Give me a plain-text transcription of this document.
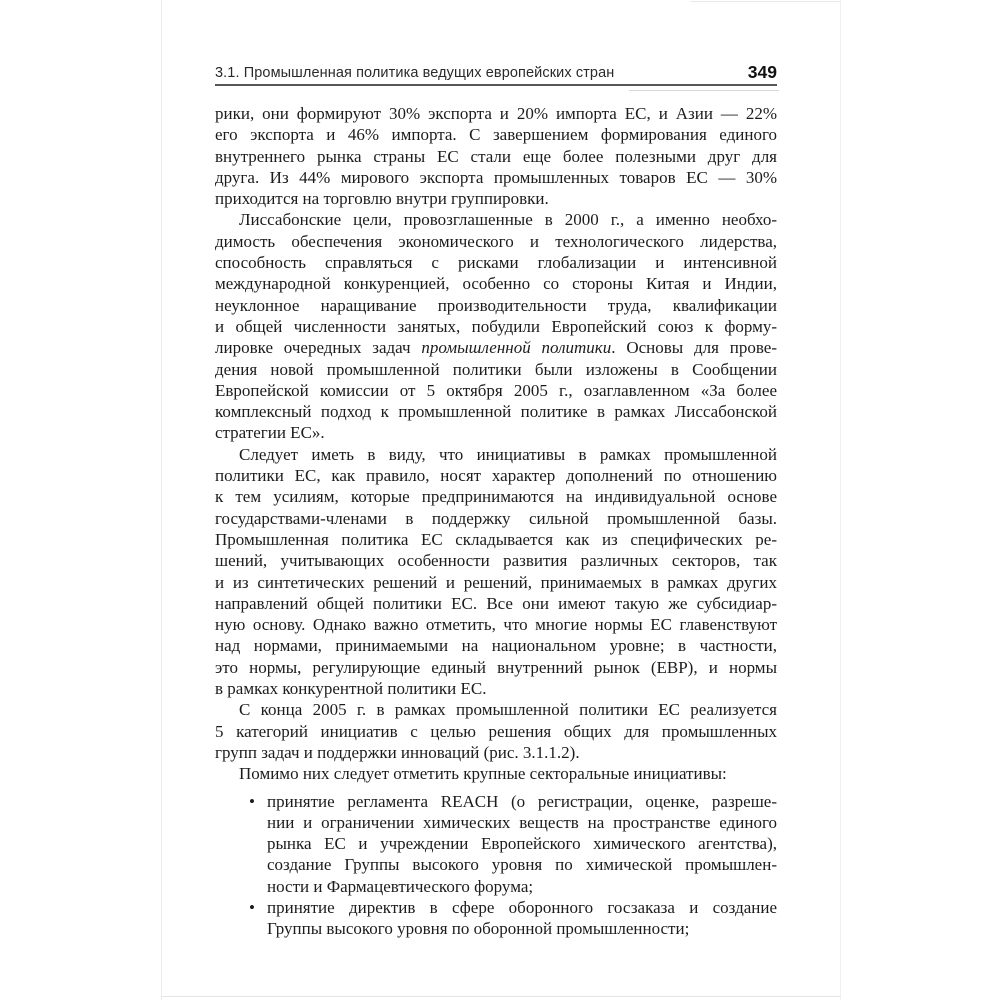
3.1. Промышленная политика ведущих европейских стран	349
рики, они формируют 30% экспорта и 20% импорта ЕС, и Азии — 22%
его экспорта и 46% импорта. С завершением формирования единого
внутреннего рынка страны ЕС стали еще более полезными друг для
друга. Из 44% мирового экспорта промышленных товаров ЕС — 30%
приходится на торговлю внутри группировки.
Лиссабонские цели, провозглашенные в 2000 г., а именно необхо-
димость обеспечения экономического и технологического лидерства,
способность справляться с рисками глобализации и интенсивной
международной конкуренцией, особенно со стороны Китая и Индии,
неуклонное наращивание производительности труда, квалификации
и общей численности занятых, побудили Европейский союз к форму-
лировке очередных задач промышленной политики. Основы для прове-
дения новой промышленной политики были изложены в Сообщении
Европейской комиссии от 5 октября 2005 г., озаглавленном «За более
комплексный подход к промышленной политике в рамках Лиссабонской
стратегии ЕС».
Следует иметь в виду, что инициативы в рамках промышленной
политики ЕС, как правило, носят характер дополнений по отношению
к тем усилиям, которые предпринимаются на индивидуальной основе
государствами-членами в поддержку сильной промышленной базы.
Промышленная политика ЕС складывается как из специфических ре-
шений, учитывающих особенности развития различных секторов, так
и из синтетических решений и решений, принимаемых в рамках других
направлений общей политики ЕС. Все они имеют такую же субсидиар-
ную основу. Однако важно отметить, что многие нормы ЕС главенствуют
над нормами, принимаемыми на национальном уровне; в частности,
это нормы, регулирующие единый внутренний рынок (ЕВР), и нормы
в рамках конкурентной политики ЕС.
С конца 2005 г. в рамках промышленной политики ЕС реализуется
5 категорий инициатив с целью решения общих для промышленных
групп задач и поддержки инноваций (рис. 3.1.1.2).
Помимо них следует отметить крупные секторальные инициативы:
• принятие регламента REACH (о регистрации, оценке, разреше-
нии и ограничении химических веществ на пространстве единого
рынка ЕС и учреждении Европейского химического агентства),
создание Группы высокого уровня по химической промышлен-
ности и Фармацевтического форума;
• принятие директив в сфере оборонного госзаказа и создание
Группы высокого уровня по оборонной промышленности;
